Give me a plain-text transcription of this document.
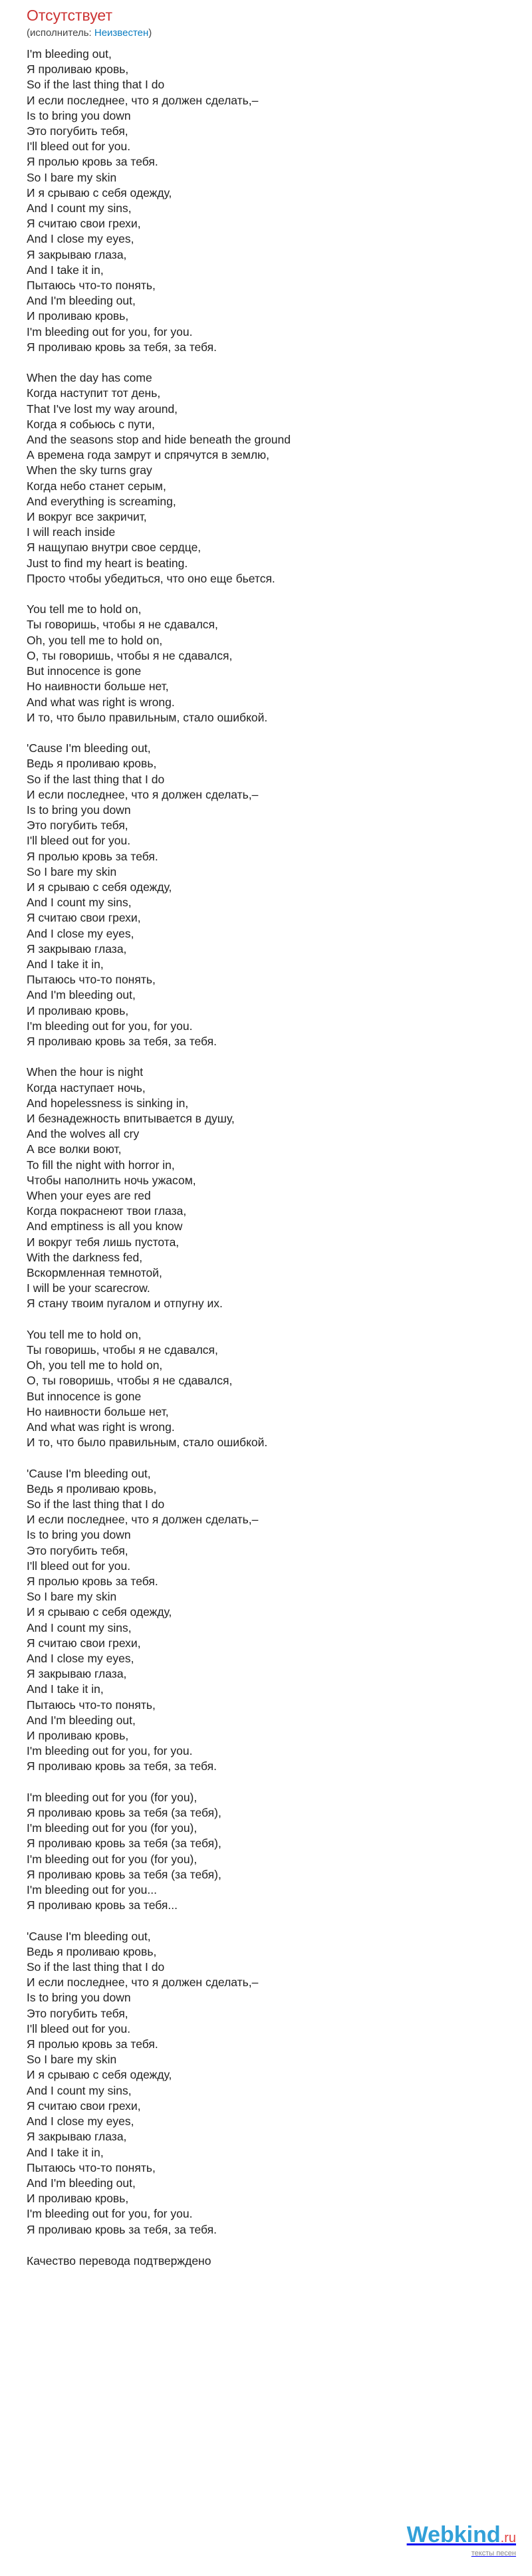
Отсутствует
(исполнитель: Неизвестен)
I'm bleeding out,
Я проливаю кровь,
So if the last thing that I do
И если последнее, что я должен сделать,–
Is to bring you down
Это погубить тебя,
I'll bleed out for you.
Я пролью кровь за тебя.
So I bare my skin
И я срываю с себя одежду,
And I count my sins,
Я считаю свои грехи,
And I close my eyes,
Я закрываю глаза,
And I take it in,
Пытаюсь что-то понять,
And I'm bleeding out,
И проливаю кровь,
I'm bleeding out for you, for you.
Я проливаю кровь за тебя, за тебя.
When the day has come
Когда наступит тот день,
That I've lost my way around,
Когда я собьюсь с пути,
And the seasons stop and hide beneath the ground
А времена года замрут и спрячутся в землю,
When the sky turns gray
Когда небо станет серым,
And everything is screaming,
И вокруг все закричит,
I will reach inside
Я нащупаю внутри свое сердце,
Just to find my heart is beating.
Просто чтобы убедиться, что оно еще бьется.
You tell me to hold on,
Ты говоришь, чтобы я не сдавался,
Oh, you tell me to hold on,
О, ты говоришь, чтобы я не сдавался,
But innocence is gone
Но наивности больше нет,
And what was right is wrong.
И то, что было правильным, стало ошибкой.
'Cause I'm bleeding out,
Ведь я проливаю кровь,
So if the last thing that I do
И если последнее, что я должен сделать,–
Is to bring you down
Это погубить тебя,
I'll bleed out for you.
Я пролью кровь за тебя.
So I bare my skin
И я срываю с себя одежду,
And I count my sins,
Я считаю свои грехи,
And I close my eyes,
Я закрываю глаза,
And I take it in,
Пытаюсь что-то понять,
And I'm bleeding out,
И проливаю кровь,
I'm bleeding out for you, for you.
Я проливаю кровь за тебя, за тебя.
When the hour is night
Когда наступает ночь,
And hopelessness is sinking in,
И безнадежность впитывается в душу,
And the wolves all cry
А все волки воют,
To fill the night with horror in,
Чтобы наполнить ночь ужасом,
When your eyes are red
Когда покраснеют твои глаза,
And emptiness is all you know
И вокруг тебя лишь пустота,
With the darkness fed,
Вскормленная темнотой,
I will be your scarecrow.
Я стану твоим пугалом и отпугну их.
You tell me to hold on,
Ты говоришь, чтобы я не сдавался,
Oh, you tell me to hold on,
О, ты говоришь, чтобы я не сдавался,
But innocence is gone
Но наивности больше нет,
And what was right is wrong.
И то, что было правильным, стало ошибкой.
'Cause I'm bleeding out,
Ведь я проливаю кровь,
So if the last thing that I do
И если последнее, что я должен сделать,–
Is to bring you down
Это погубить тебя,
I'll bleed out for you.
Я пролью кровь за тебя.
So I bare my skin
И я срываю с себя одежду,
And I count my sins,
Я считаю свои грехи,
And I close my eyes,
Я закрываю глаза,
And I take it in,
Пытаюсь что-то понять,
And I'm bleeding out,
И проливаю кровь,
I'm bleeding out for you, for you.
Я проливаю кровь за тебя, за тебя.
I'm bleeding out for you (for you),
Я проливаю кровь за тебя (за тебя),
I'm bleeding out for you (for you),
Я проливаю кровь за тебя (за тебя),
I'm bleeding out for you (for you),
Я проливаю кровь за тебя (за тебя),
I'm bleeding out for you...
Я проливаю кровь за тебя...
'Cause I'm bleeding out,
Ведь я проливаю кровь,
So if the last thing that I do
И если последнее, что я должен сделать,–
Is to bring you down
Это погубить тебя,
I'll bleed out for you.
Я пролью кровь за тебя.
So I bare my skin
И я срываю с себя одежду,
And I count my sins,
Я считаю свои грехи,
And I close my eyes,
Я закрываю глаза,
And I take it in,
Пытаюсь что-то понять,
And I'm bleeding out,
И проливаю кровь,
I'm bleeding out for you, for you.
Я проливаю кровь за тебя, за тебя.
Качество перевода подтверждено
Webkind.ru
тексты песен
